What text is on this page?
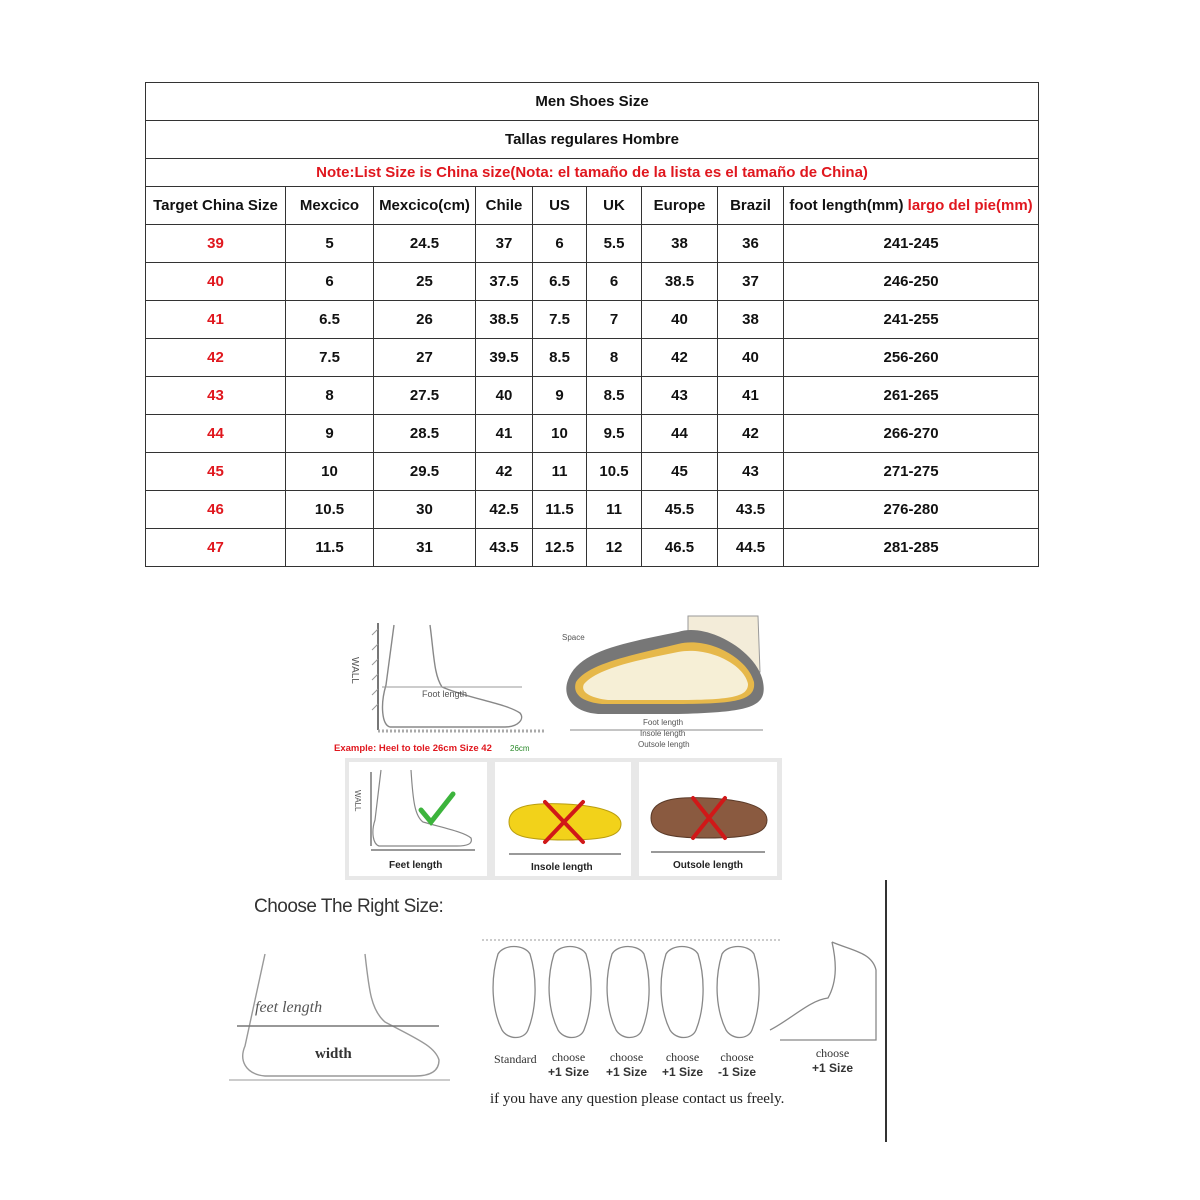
Men Shoes Size								
Tallas regulares Hombre								
Note:List Size is China size(Nota: el tamaño de la lista es el tamaño de China)								
Target China Size	Mexcico	Mexcico(cm)	Chile	US	UK	Europe	Brazil	foot length(mm) largo del pie(mm)
39	5	24.5	37	6	5.5	38	36	241-245
40	6	25	37.5	6.5	6	38.5	37	246-250
41	6.5	26	38.5	7.5	7	40	38	241-255
42	7.5	27	39.5	8.5	8	42	40	256-260
43	8	27.5	40	9	8.5	43	41	261-265
44	9	28.5	41	10	9.5	44	42	266-270
45	10	29.5	42	11	10.5	45	43	271-275
46	10.5	30	42.5	11.5	11	45.5	43.5	276-280
47	11.5	31	43.5	12.5	12	46.5	44.5	281-285
WALL
Foot length
Example: Heel to tole 26cm Size 42 26cm
Space
Foot length
Insole length
Outsole length
WALL
Feet length	Insole length	Outsole length
Choose The Right Size:
feet length
width	Standard	choose
+1 Size
choose
+1 Size
choose
+1 Size
choose
-1 Size
choose
+1 Size
if you have any question please contact us freely.
